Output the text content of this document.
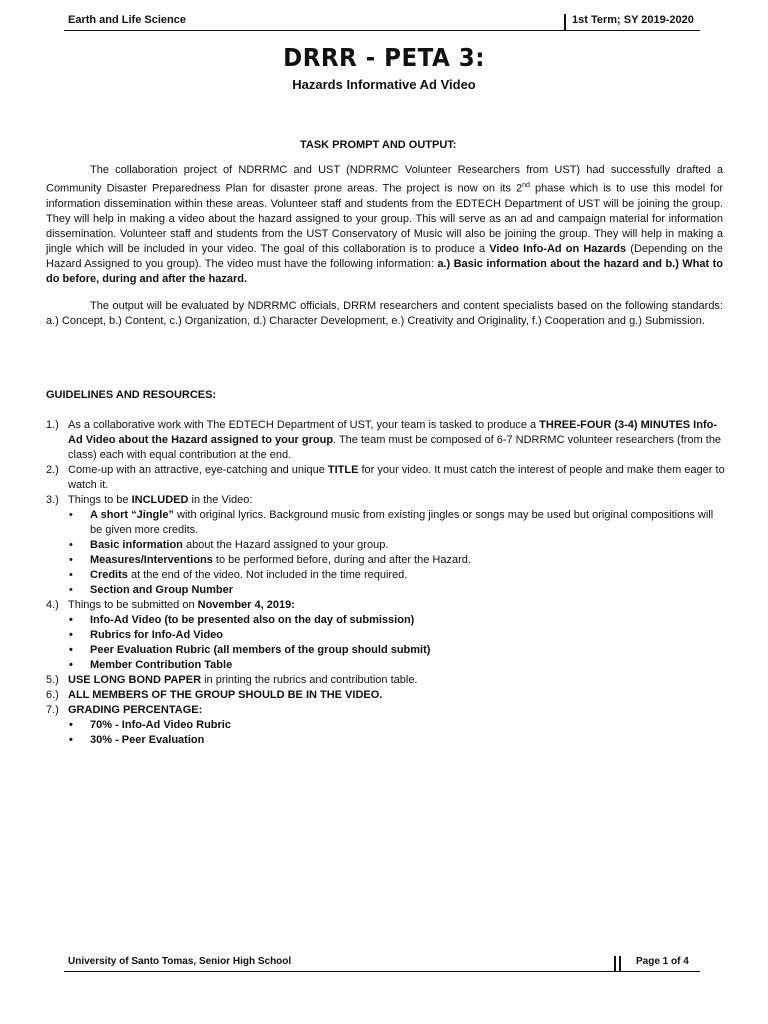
Earth and Life Science	1st Term; SY 2019-2020
DRRR - PETA 3:
Hazards Informative Ad Video
TASK PROMPT AND OUTPUT:

The collaboration project of NDRRMC and UST (NDRRMC Volunteer Researchers from UST) had successfully drafted a Community Disaster Preparedness Plan for disaster prone areas. The project is now on its 2nd phase which is to use this model for information dissemination within these areas. Volunteer staff and students from the EDTECH Department of UST will be joining the group. They will help in making a video about the hazard assigned to your group. This will serve as an ad and campaign material for information dissemination. Volunteer staff and students from the UST Conservatory of Music will also be joining the group. They will help in making a jingle which will be included in your video. The goal of this collaboration is to produce a Video Info-Ad on Hazards (Depending on the Hazard Assigned to you group). The video must have the following information: a.) Basic information about the hazard and b.) What to do before, during and after the hazard.

The output will be evaluated by NDRRMC officials, DRRM researchers and content specialists based on the following standards: a.) Concept, b.) Content, c.) Organization, d.) Character Development, e.) Creativity and Originality, f.) Cooperation and g.) Submission.

GUIDELINES AND RESOURCES:
1.) As a collaborative work with The EDTECH Department of UST, your team is tasked to produce a THREE-FOUR (3-4) MINUTES Info-Ad Video about the Hazard assigned to your group. The team must be composed of 6-7 NDRRMC volunteer researchers (from the class) each with equal contribution at the end.
2.) Come-up with an attractive, eye-catching and unique TITLE for your video. It must catch the interest of people and make them eager to watch it.
3.) Things to be INCLUDED in the Video:
• A short “Jingle” with original lyrics. Background music from existing jingles or songs may be used but original compositions will be given more credits.
• Basic information about the Hazard assigned to your group.
• Measures/Interventions to be performed before, during and after the Hazard.
• Credits at the end of the video. Not included in the time required.
• Section and Group Number
4.) Things to be submitted on November 4, 2019:
• Info-Ad Video (to be presented also on the day of submission)
• Rubrics for Info-Ad Video
• Peer Evaluation Rubric (all members of the group should submit)
• Member Contribution Table
5.) USE LONG BOND PAPER in printing the rubrics and contribution table.
6.) ALL MEMBERS OF THE GROUP SHOULD BE IN THE VIDEO.
7.) GRADING PERCENTAGE:
• 70% - Info-Ad Video Rubric
• 30% - Peer Evaluation
University of Santo Tomas, Senior High School	Page 1 of 4
